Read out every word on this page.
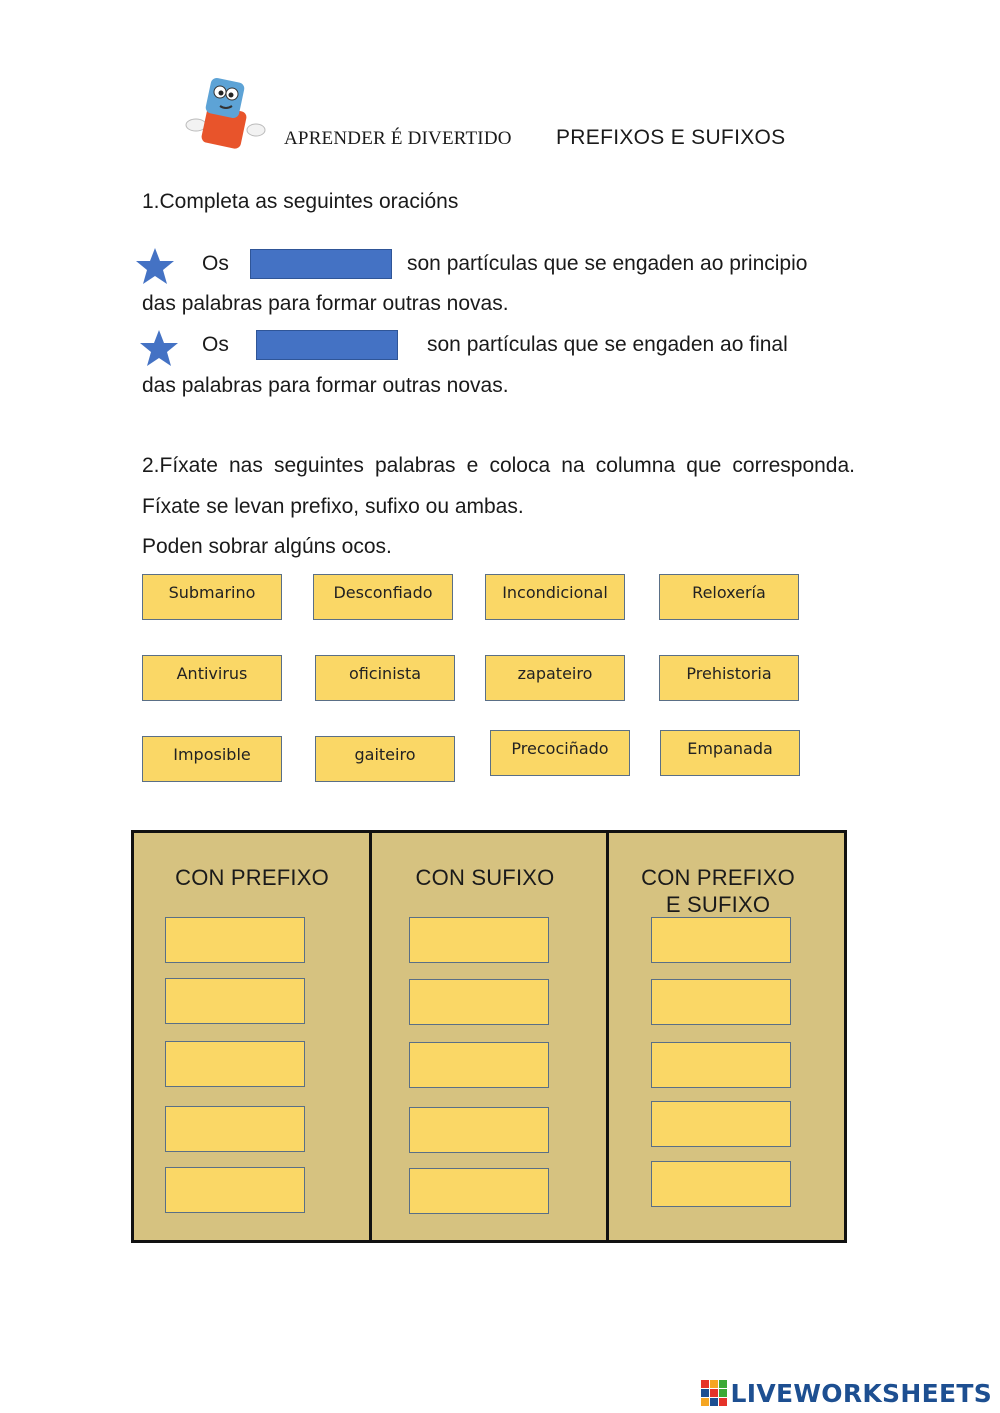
APRENDER É DIVERTIDO PREFIXOS E SUFIXOS
1.Completa as seguintes oracións
Os	son partículas que se engaden ao principio
das palabras para formar outras novas.
Os	son partículas que se engaden ao final
das palabras para formar outras novas.
2.Fíxate nas seguintes palabras e coloca na columna que corresponda. Fíxate se levan prefixo, sufixo ou ambas.
Poden sobrar algúns ocos.
Submarino	Desconfiado	Incondicional	Reloxería
Antivirus	oficinista	zapateiro	Prehistoria
Imposible	gaiteiro	Precociñado	Empanada
CON PREFIXO	CON SUFIXO	CON PREFIXO
E SUFIXO
LIVEWORKSHEETS
